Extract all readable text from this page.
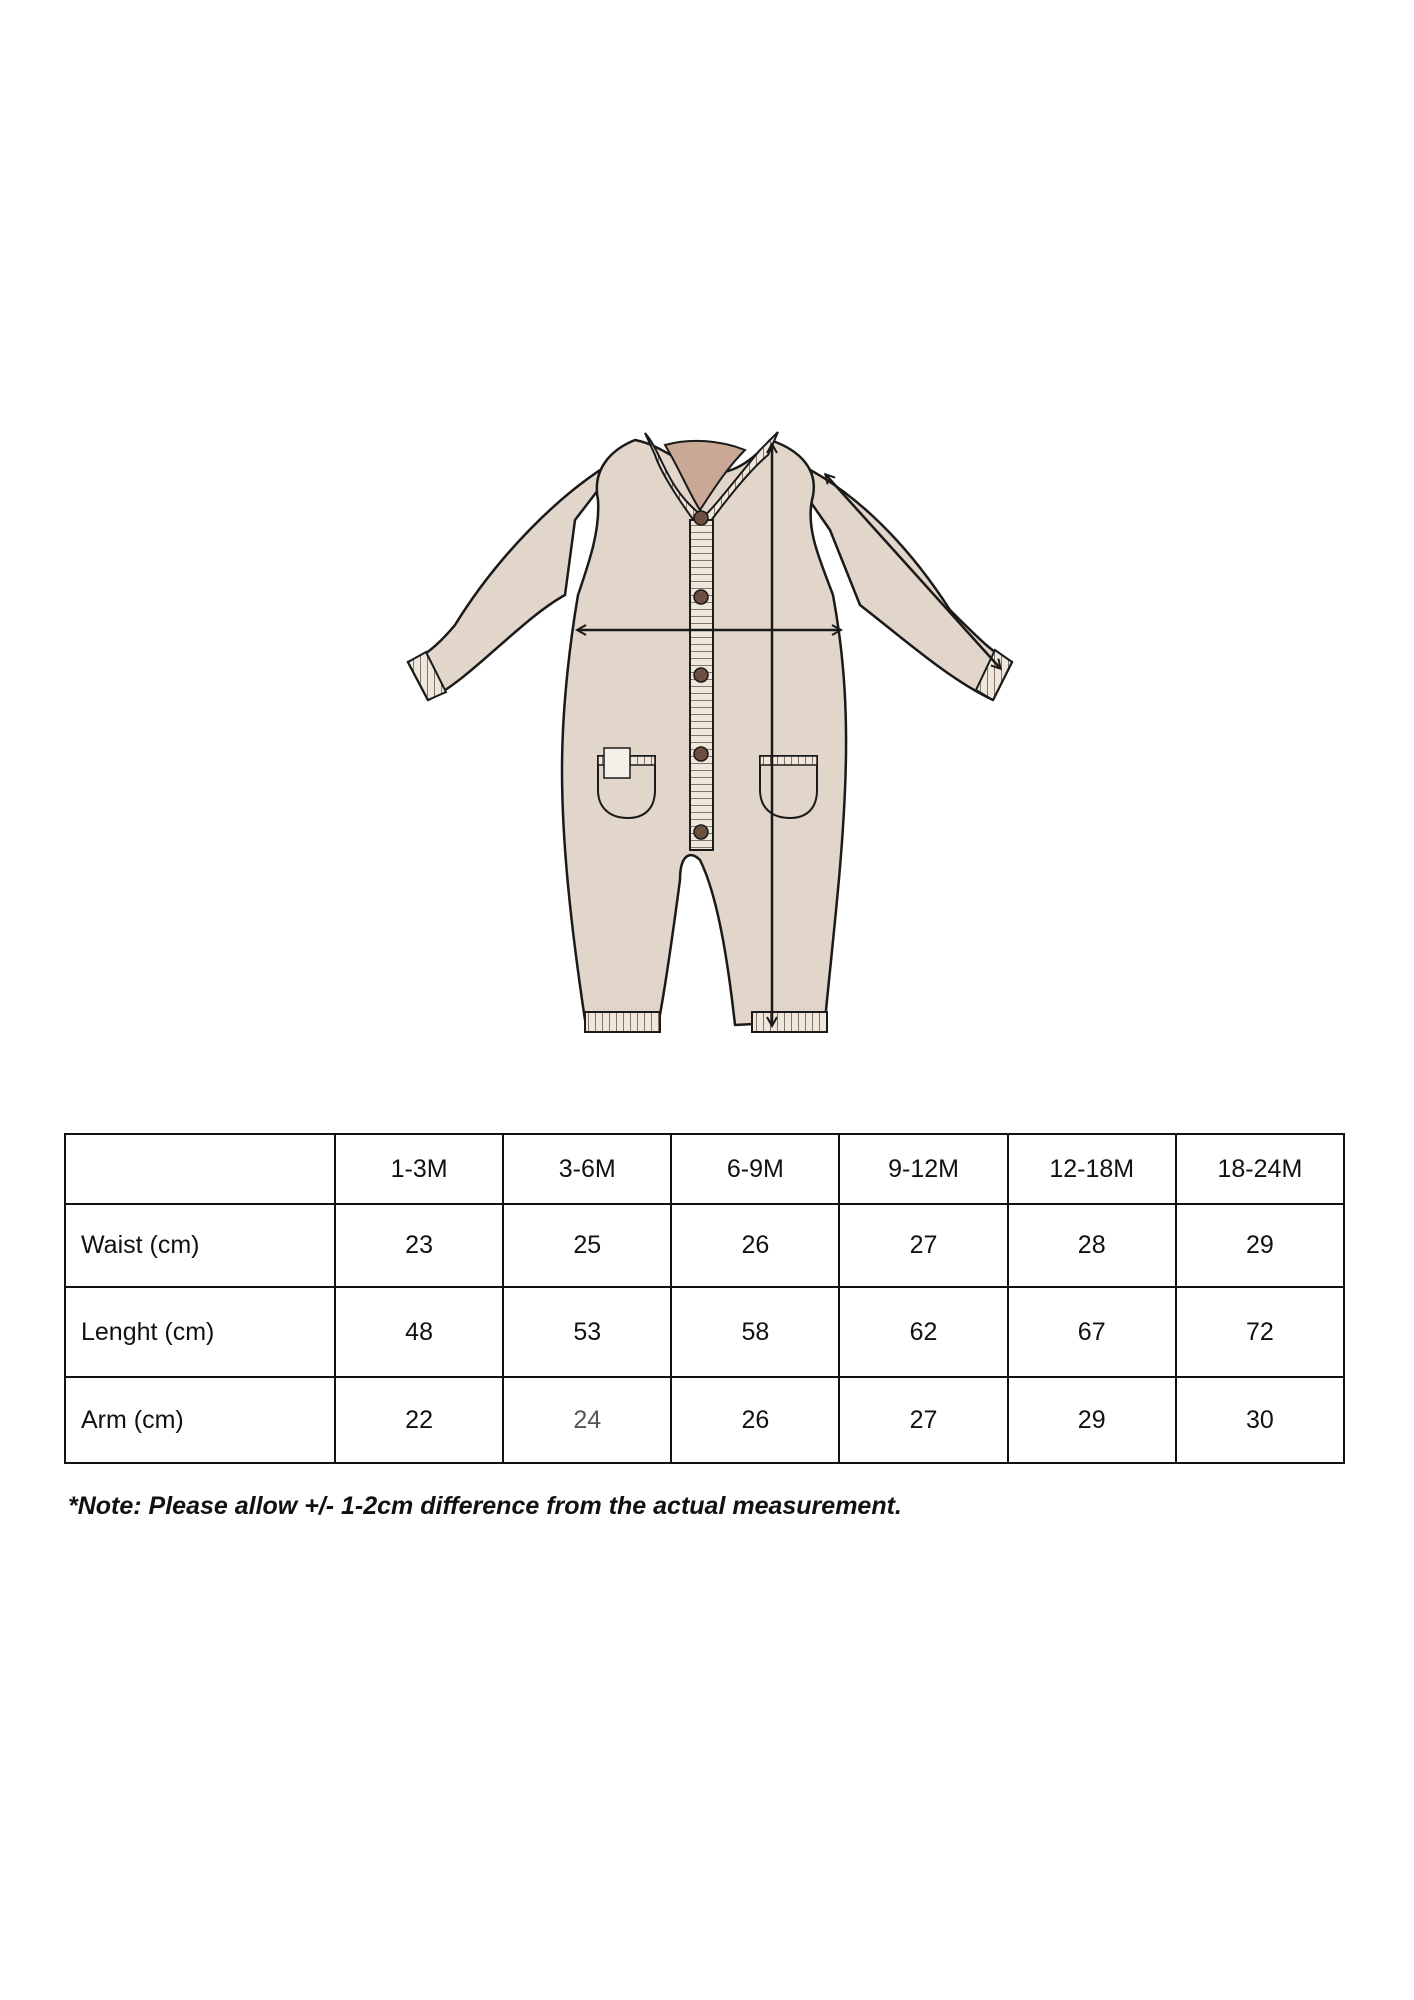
	1-3M	3-6M	6-9M	9-12M	12-18M	18-24M
Waist (cm)	23	25	26	27	28	29
Lenght (cm)	48	53	58	62	67	72
Arm (cm)	22	24	26	27	29	30

*Note: Please allow +/- 1-2cm difference from the actual measurement.
